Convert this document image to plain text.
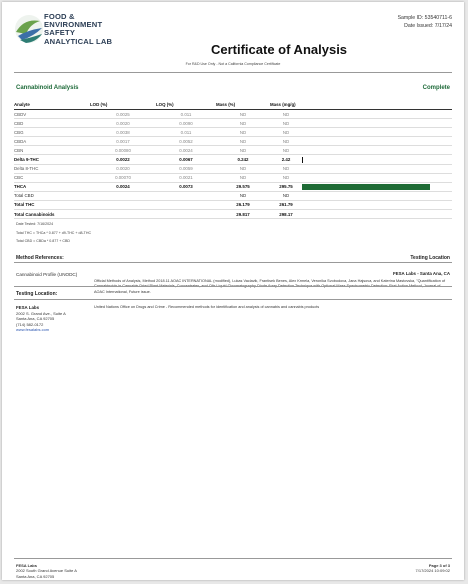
FOOD &
ENVIRONMENT
SAFETY
ANALYTICAL LAB
Sample ID: 53540711-6
Date Issued: 7/17/24
Certificate of Analysis
For R&D Use Only - Not a California Compliance Certificate
Cannabinoid Analysis	Complete
Analyte	LOD (%)	LOQ (%)	Mass (%)	Mass (mg/g)	
CBDV	0.0025	0.011	ND	ND	
CBD	0.0020	0.0090	ND	ND	
CBG	0.0038	0.011	ND	ND	
CBDA	0.0017	0.0052	ND	ND	
CBN	0.00080	0.0024	ND	ND	
Delta 9-THC	0.0022	0.0067	0.242	2.42	
Delta 8-THC	0.0020	0.0059	ND	ND	
CBC	0.00070	0.0021	ND	ND	
THCA	0.0024	0.0073	29.575	295.75	
Total CBD			ND	ND	
Total THC			26.179	261.79	
Total Cannabinoids			29.817	298.17	
Date Tested: 7/16/2024
Total THC = THCa * 0.877 + d9-THC + d8-THC
Total CBD = CBDa * 0.877 + CBD
Method References:	Testing Location
Cannabinoid Profile (UNODC)	FESA Labs - Santa Ana, CA
Official Methods of Analysis, Method 2018.11 AOAC INTERNATIONAL (modified), Lukas Vaclavik, Frantisek Benes, Alex Krmela, Veronika Svobodova, Jana Hajsova, and Katerina Mastovska, "Quantification of Cannabinoids in Cannabis Dried Plant Materials, Concentrates, and Oils Liquid Chromatography-Diode Array Detection Technique with Optional Mass Spectrometric Detection: First Action Method, Journal of AOAC International, Future issue.
United Nations Office on Drugs and Crime - Recommended methods for identification and analysis of cannabis and cannabis products
Testing Location:
FESA Labs
2002 S. Grand Ave., Suite A
Santa Ana, CA 92705
(714) 582-0172
www.fesalabs.com
FESA Labs
2002 South Grand Avenue Suite A
Santa Ana, CA 92705
Page 3 of 3
7/17/2024 10:09:02
